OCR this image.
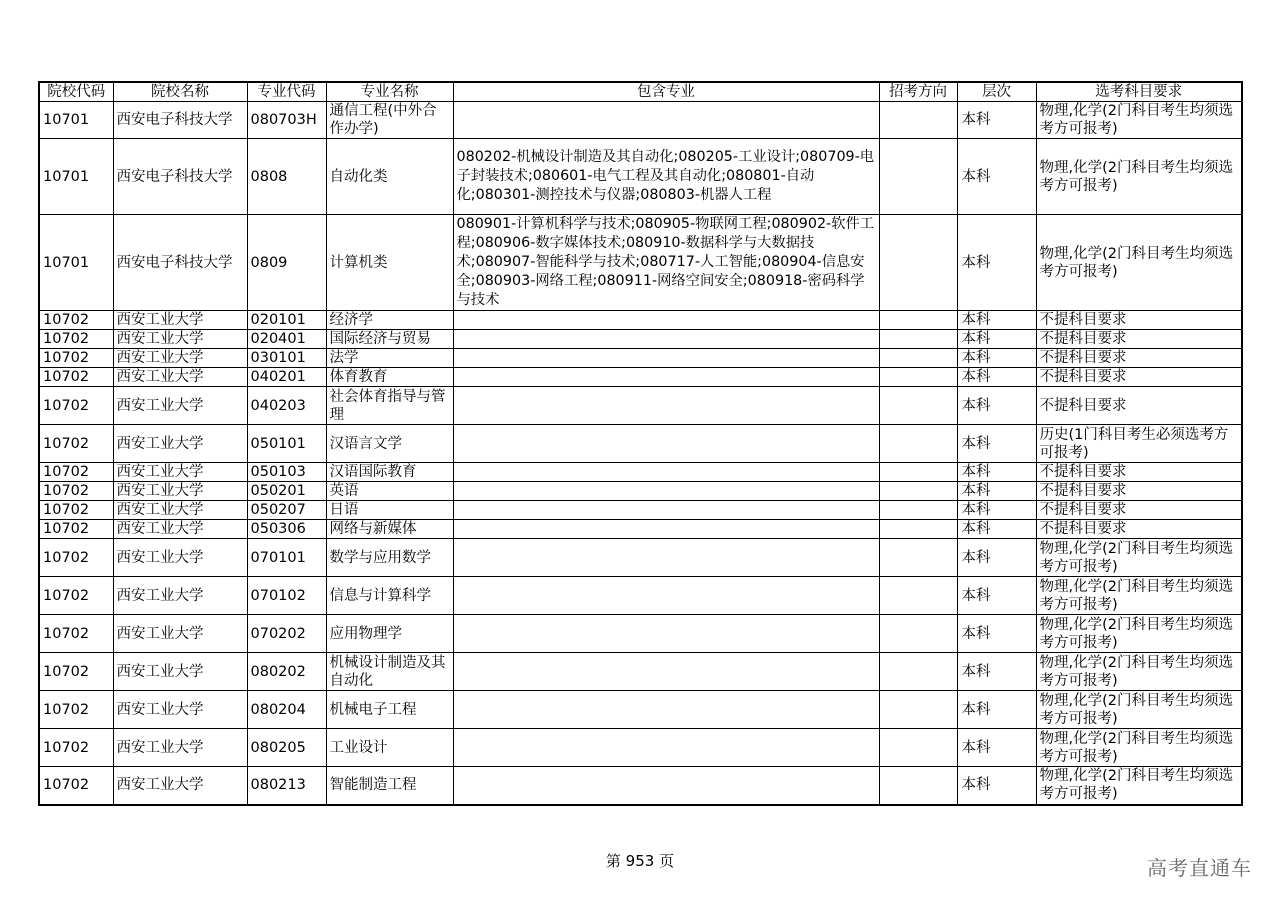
院校代码	院校名称	专业代码	专业名称	包含专业	招考方向	层次	选考科目要求
10701	西安电子科技大学	080703H	通信工程(中外合作办学)			本科	物理,化学(2门科目考生均须选考方可报考)
10701	西安电子科技大学	0808	自动化类	080202-机械设计制造及其自动化;080205-工业设计;080709-电子封装技术;080601-电气工程及其自动化;080801-自动化;080301-测控技术与仪器;080803-机器人工程		本科	物理,化学(2门科目考生均须选考方可报考)
10701	西安电子科技大学	0809	计算机类	080901-计算机科学与技术;080905-物联网工程;080902-软件工程;080906-数字媒体技术;080910-数据科学与大数据技术;080907-智能科学与技术;080717-人工智能;080904-信息安全;080903-网络工程;080911-网络空间安全;080918-密码科学与技术		本科	物理,化学(2门科目考生均须选考方可报考)
10702	西安工业大学	020101	经济学			本科	不提科目要求
10702	西安工业大学	020401	国际经济与贸易			本科	不提科目要求
10702	西安工业大学	030101	法学			本科	不提科目要求
10702	西安工业大学	040201	体育教育			本科	不提科目要求
10702	西安工业大学	040203	社会体育指导与管理			本科	不提科目要求
10702	西安工业大学	050101	汉语言文学			本科	历史(1门科目考生必须选考方可报考)
10702	西安工业大学	050103	汉语国际教育			本科	不提科目要求
10702	西安工业大学	050201	英语			本科	不提科目要求
10702	西安工业大学	050207	日语			本科	不提科目要求
10702	西安工业大学	050306	网络与新媒体			本科	不提科目要求
10702	西安工业大学	070101	数学与应用数学			本科	物理,化学(2门科目考生均须选考方可报考)
10702	西安工业大学	070102	信息与计算科学			本科	物理,化学(2门科目考生均须选考方可报考)
10702	西安工业大学	070202	应用物理学			本科	物理,化学(2门科目考生均须选考方可报考)
10702	西安工业大学	080202	机械设计制造及其自动化			本科	物理,化学(2门科目考生均须选考方可报考)
10702	西安工业大学	080204	机械电子工程			本科	物理,化学(2门科目考生均须选考方可报考)
10702	西安工业大学	080205	工业设计			本科	物理,化学(2门科目考生均须选考方可报考)
10702	西安工业大学	080213	智能制造工程			本科	物理,化学(2门科目考生均须选考方可报考)
第 953 页	高考直通车
